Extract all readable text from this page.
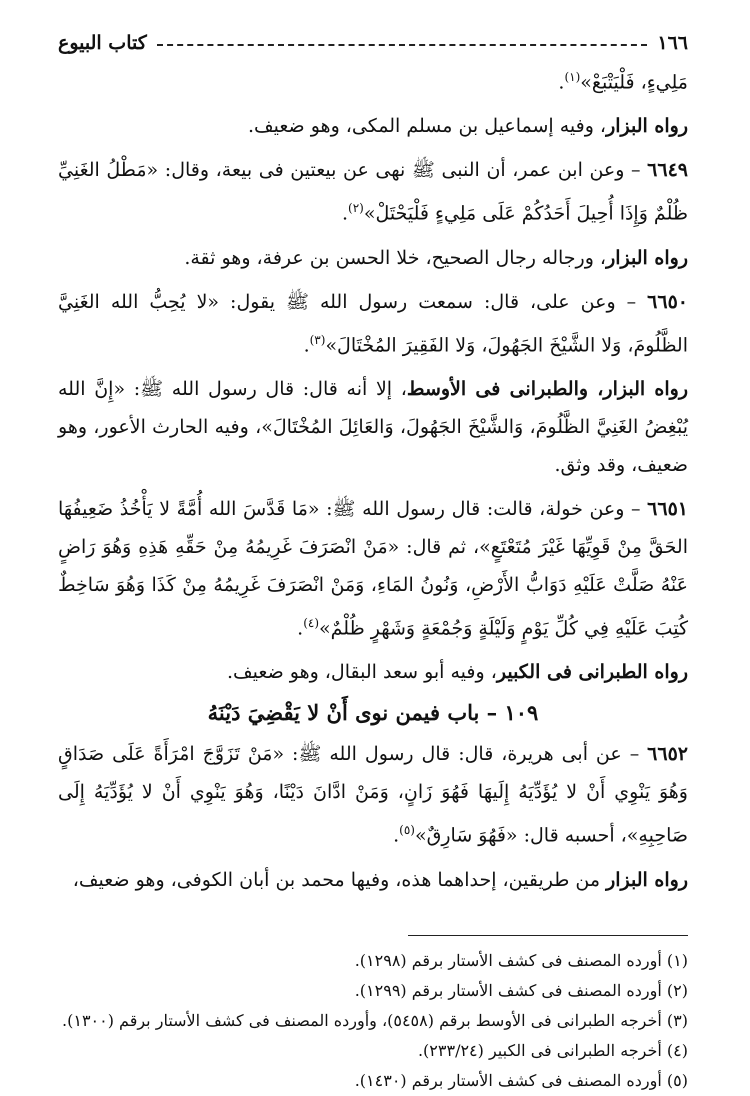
١٦٦
كتاب البيوع

مَلِيءٍ، فَلْيَتْبَعْ»$^{(١)}$.

رواه البزار، وفيه إسماعيل بن مسلم المكى، وهو ضعيف.

٦٦٤٩ – وعن ابن عمر، أن النبى ﷺ نهى عن بيعتين فى بيعة، وقال: «مَطْلُ الغَنِيِّ ظُلْمٌ وَإِذَا أُحِيلَ أَحَدُكُمْ عَلَى مَلِيءٍ فَلْيَحْتَلْ»$^{(٢)}$.

رواه البزار، ورجاله رجال الصحيح، خلا الحسن بن عرفة، وهو ثقة.

٦٦٥٠ – وعن على، قال: سمعت رسول الله ﷺ يقول: «لا يُحِبُّ الله الغَنِيَّ الظَّلُومَ، وَلا الشَّيْخَ الجَهُولَ، وَلا الفَقِيرَ المُخْتَالَ»$^{(٣)}$.

رواه البزار، والطبرانى فى الأوسط، إلا أنه قال: قال رسول الله ﷺ: «إِنَّ الله يُبْغِضُ الغَنِيَّ الظَّلُومَ، وَالشَّيْخَ الجَهُولَ، وَالعَائِلَ المُخْتَالَ»، وفيه الحارث الأعور، وهو ضعيف، وقد وثق.

٦٦٥١ – وعن خولة، قالت: قال رسول الله ﷺ: «مَا قَدَّسَ الله أُمَّةً لا يَأْخُذُ ضَعِيفُهَا الحَقَّ مِنْ قَوِيِّهَا غَيْرَ مُتَعْتَعٍ»، ثم قال: «مَنْ انْصَرَفَ غَرِيمُهُ مِنْ حَقِّهِ هَذِهِ وَهُوَ رَاضٍ عَنْهُ صَلَّتْ عَلَيْهِ دَوَابُّ الأَرْضِ، وَنُونُ المَاءِ، وَمَنْ انْصَرَفَ غَرِيمُهُ مِنْ كَذَا وَهُوَ سَاخِطٌ كُتِبَ عَلَيْهِ فِي كُلِّ يَوْمٍ وَلَيْلَةٍ وَجُمْعَةٍ وَشَهْرٍ ظُلْمٌ»$^{(٤)}$.

رواه الطبرانى فى الكبير، وفيه أبو سعد البقال، وهو ضعيف.

١٠٩ – باب فيمن نوى أَنْ لا يَقْضِيَ دَيْنَهُ

٦٦٥٢ – عن أبى هريرة، قال: قال رسول الله ﷺ: «مَنْ تَزَوَّجَ امْرَأَةً عَلَى صَدَاقٍ وَهُوَ يَنْوِي أَنْ لا يُؤَدِّيَهُ إِلَيهَا فَهُوَ زَانٍ، وَمَنْ ادَّانَ دَيْنًا، وَهُوَ يَنْوِي أَنْ لا يُؤَدِّيَهُ إِلَى صَاحِبِهِ»، أحسبه قال: «فَهُوَ سَارِقٌ»$^{(٥)}$.

رواه البزار من طريقين، إحداهما هذه، وفيها محمد بن أبان الكوفى، وهو ضعيف،

(١) أورده المصنف فى كشف الأستار برقم (١٢٩٨).

(٢) أورده المصنف فى كشف الأستار برقم (١٢٩٩).

(٣) أخرجه الطبرانى فى الأوسط برقم (٥٤٥٨)، وأورده المصنف فى كشف الأستار برقم (١٣٠٠).

(٤) أخرجه الطبرانى فى الكبير (٢٣٣/٢٤).

(٥) أورده المصنف فى كشف الأستار برقم (١٤٣٠).
